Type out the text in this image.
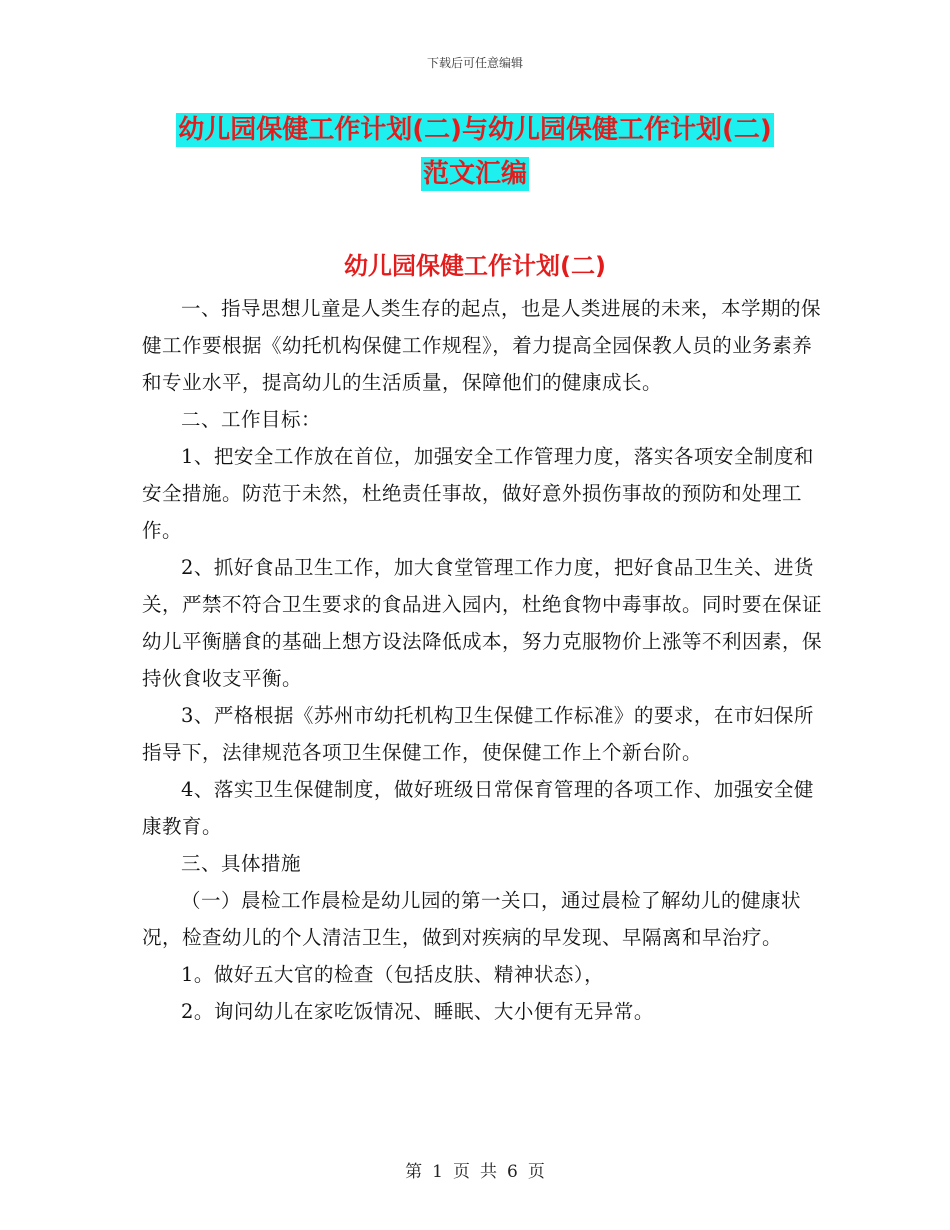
下载后可任意编辑
幼儿园保健工作计划(二)与幼儿园保健工作计划(二)
范文汇编
幼儿园保健工作计划(二)

一、指导思想儿童是人类生存的起点，也是人类进展的未来，本学期的保健工作要根据《幼托机构保健工作规程》，着力提高全园保教人员的业务素养和专业水平，提高幼儿的生活质量，保障他们的健康成长。

二、工作目标：

1、把安全工作放在首位，加强安全工作管理力度，落实各项安全制度和安全措施。防范于未然，杜绝责任事故，做好意外损伤事故的预防和处理工作。

2、抓好食品卫生工作，加大食堂管理工作力度，把好食品卫生关、进货关，严禁不符合卫生要求的食品进入园内，杜绝食物中毒事故。同时要在保证幼儿平衡膳食的基础上想方设法降低成本，努力克服物价上涨等不利因素，保持伙食收支平衡。

3、严格根据《苏州市幼托机构卫生保健工作标准》的要求，在市妇保所指导下，法律规范各项卫生保健工作，使保健工作上个新台阶。

4、落实卫生保健制度，做好班级日常保育管理的各项工作、加强安全健康教育。

三、具体措施

（一）晨检工作晨检是幼儿园的第一关口，通过晨检了解幼儿的健康状况，检查幼儿的个人清洁卫生，做到对疾病的早发现、早隔离和早治疗。

1。做好五大官的检查（包括皮肤、精神状态），

2。询问幼儿在家吃饭情况、睡眠、大小便有无异常。

第 1 页 共 6 页
